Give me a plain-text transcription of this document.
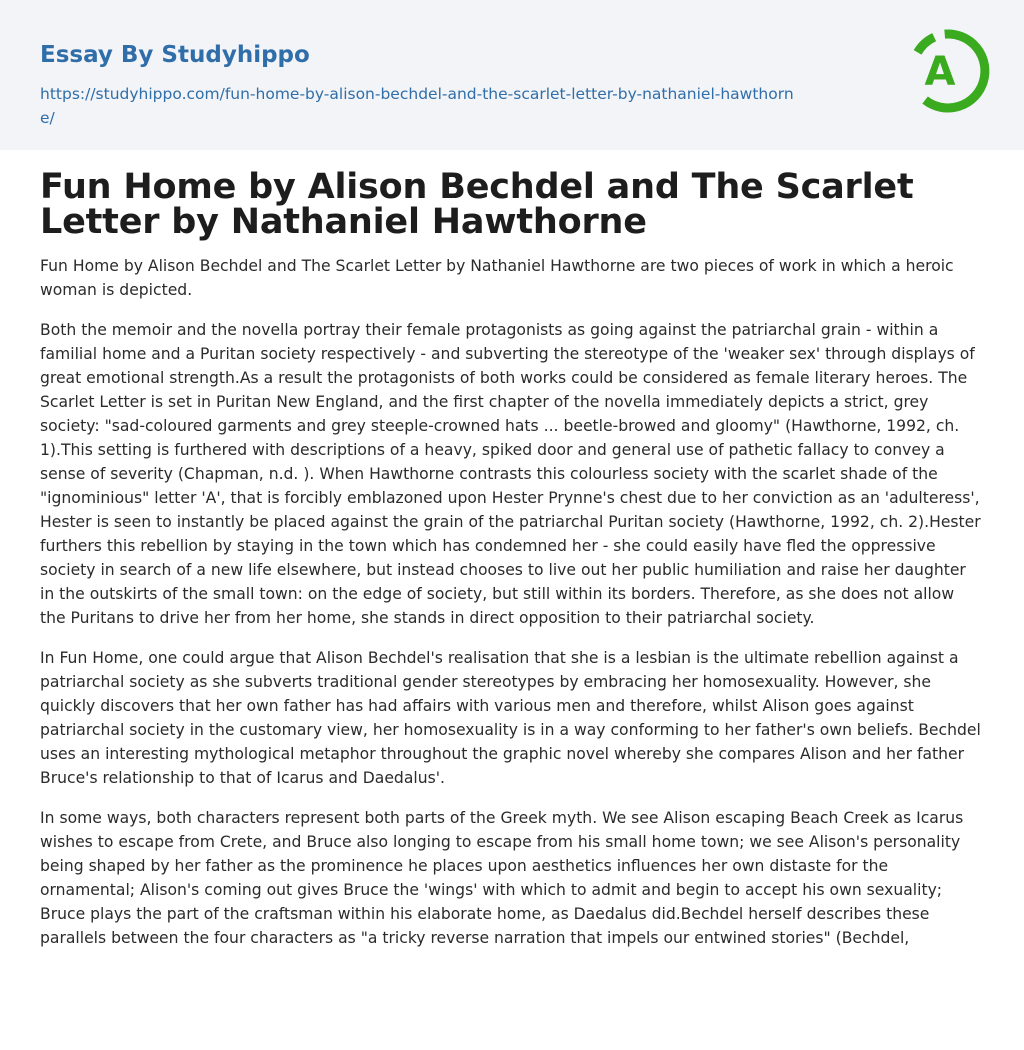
Essay By Studyhippo
https://studyhippo.com/fun-home-by-alison-bechdel-and-the-scarlet-letter-by-nathaniel-hawthorne/
A
Fun Home by Alison Bechdel and The Scarlet Letter by Nathaniel Hawthorne

Fun Home by Alison Bechdel and The Scarlet Letter by Nathaniel Hawthorne are two pieces of work in which a heroic woman is depicted.

Both the memoir and the novella portray their female protagonists as going against the patriarchal grain - within a familial home and a Puritan society respectively - and subverting the stereotype of the 'weaker sex' through displays of great emotional strength.As a result the protagonists of both works could be considered as female literary heroes. The Scarlet Letter is set in Puritan New England, and the first chapter of the novella immediately depicts a strict, grey society: "sad-coloured garments and grey steeple-crowned hats ... beetle-browed and gloomy" (Hawthorne, 1992, ch. 1).This setting is furthered with descriptions of a heavy, spiked door and general use of pathetic fallacy to convey a sense of severity (Chapman, n.d. ). When Hawthorne contrasts this colourless society with the scarlet shade of the "ignominious" letter 'A', that is forcibly emblazoned upon Hester Prynne's chest due to her conviction as an 'adulteress', Hester is seen to instantly be placed against the grain of the patriarchal Puritan society (Hawthorne, 1992, ch. 2).Hester furthers this rebellion by staying in the town which has condemned her - she could easily have fled the oppressive society in search of a new life elsewhere, but instead chooses to live out her public humiliation and raise her daughter in the outskirts of the small town: on the edge of society, but still within its borders. Therefore, as she does not allow the Puritans to drive her from her home, she stands in direct opposition to their patriarchal society.

In Fun Home, one could argue that Alison Bechdel's realisation that she is a lesbian is the ultimate rebellion against a patriarchal society as she subverts traditional gender stereotypes by embracing her homosexuality. However, she quickly discovers that her own father has had affairs with various men and therefore, whilst Alison goes against patriarchal society in the customary view, her homosexuality is in a way conforming to her father's own beliefs. Bechdel uses an interesting mythological metaphor throughout the graphic novel whereby she compares Alison and her father Bruce's relationship to that of Icarus and Daedalus'.

In some ways, both characters represent both parts of the Greek myth. We see Alison escaping Beach Creek as Icarus wishes to escape from Crete, and Bruce also longing to escape from his small home town; we see Alison's personality being shaped by her father as the prominence he places upon aesthetics influences her own distaste for the ornamental; Alison's coming out gives Bruce the 'wings' with which to admit and begin to accept his own sexuality; Bruce plays the part of the craftsman within his elaborate home, as Daedalus did.Bechdel herself describes these parallels between the four characters as "a tricky reverse narration that impels our entwined stories" (Bechdel,
